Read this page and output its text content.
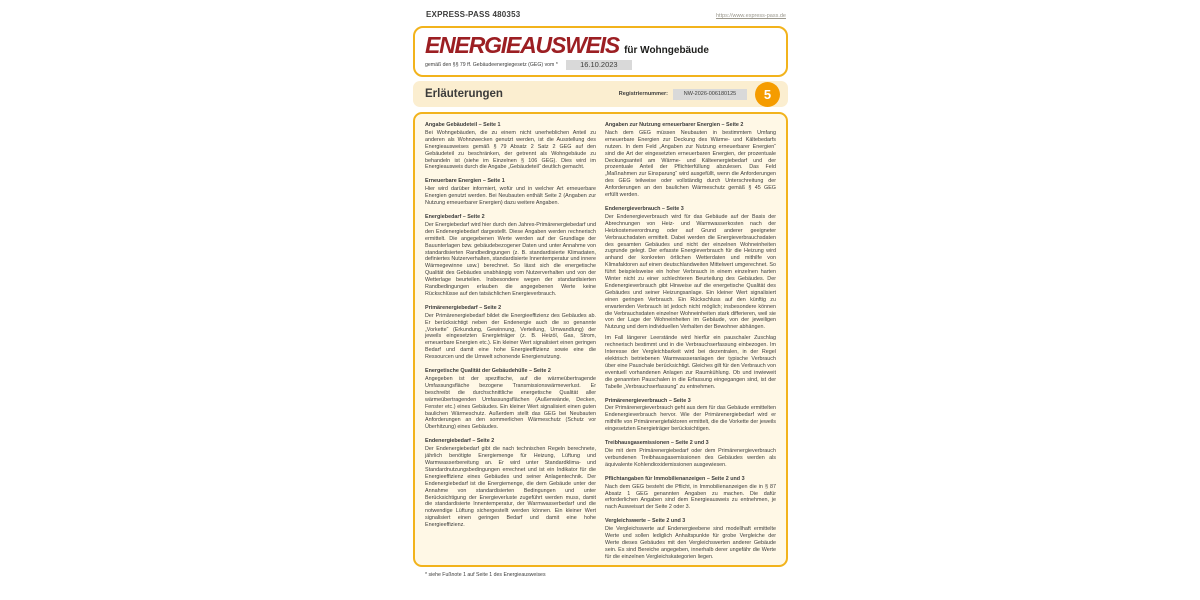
EXPRESS-PASS 480353	https://www.express-pass.de
ENERGIEAUSWEIS für Wohngebäude
gemäß den §§ 79 ff. Gebäudeenergiegesetz (GEG) vom *	16.10.2023
Erläuterungen	Registriernummer:	NW-2026-006180125	5
Angabe Gebäudeteil – Seite 1

Bei Wohngebäuden, die zu einem nicht unerheblichen Anteil zu anderen als Wohnzwecken genutzt werden, ist die Ausstellung des Energieausweises gemäß § 79 Absatz 2 Satz 2 GEG auf den Gebäudeteil zu beschränken, der getrennt als Wohngebäude zu behandeln ist (siehe im Einzelnen § 106 GEG). Dies wird im Energieausweis durch die Angabe „Gebäudeteil“ deutlich gemacht.

Erneuerbare Energien – Seite 1

Hier wird darüber informiert, wofür und in welcher Art erneuerbare Energien genutzt werden. Bei Neubauten enthält Seite 2 (Angaben zur Nutzung erneuerbarer Energien) dazu weitere Angaben.

Energiebedarf – Seite 2

Der Energiebedarf wird hier durch den Jahres-Primärenergiebedarf und den Endenergiebedarf dargestellt. Diese Angaben werden rechnerisch ermittelt. Die angegebenen Werte werden auf der Grundlage der Bauunterlagen bzw. gebäudebezogener Daten und unter Annahme von standardisierten Randbedingungen (z. B. standardisierte Klimadaten, definiertes Nutzerverhalten, standardisierte Innentemperatur und innere Wärmegewinne usw.) berechnet. So lässt sich die energetische Qualität des Gebäudes unabhängig vom Nutzerverhalten und von der Wetterlage beurteilen. Insbesondere wegen der standardisierten Randbedingungen erlauben die angegebenen Werte keine Rückschlüsse auf den tatsächlichen Energieverbrauch.

Primärenergiebedarf – Seite 2

Der Primärenergiebedarf bildet die Energieeffizienz des Gebäudes ab. Er berücksichtigt neben der Endenergie auch die so genannte „Vorkette“ (Erkundung, Gewinnung, Verteilung, Umwandlung) der jeweils eingesetzten Energieträger (z. B. Heizöl, Gas, Strom, erneuerbare Energien etc.). Ein kleiner Wert signalisiert einen geringen Bedarf und damit eine hohe Energieeffizienz sowie eine die Ressourcen und die Umwelt schonende Energienutzung.

Energetische Qualität der Gebäudehülle – Seite 2

Angegeben ist der spezifische, auf die wärmeübertragende Umfassungsfläche bezogene Transmissionswärmeverlust. Er beschreibt die durchschnittliche energetische Qualität aller wärmeübertragenden Umfassungsflächen (Außenwände, Decken, Fenster etc.) eines Gebäudes. Ein kleiner Wert signalisiert einen guten baulichen Wärmeschutz. Außerdem stellt das GEG bei Neubauten Anforderungen an den sommerlichen Wärmeschutz (Schutz vor Überhitzung) eines Gebäudes.

Endenergiebedarf – Seite 2

Der Endenergiebedarf gibt die nach technischen Regeln berechnete, jährlich benötigte Energiemenge für Heizung, Lüftung und Warmwasserbereitung an. Er wird unter Standardklima- und Standardnutzungsbedingungen errechnet und ist ein Indikator für die Energieeffizienz eines Gebäudes und seiner Anlagentechnik. Der Endenergiebedarf ist die Energiemenge, die dem Gebäude unter der Annahme von standardisierten Bedingungen und unter Berücksichtigung der Energieverluste zugeführt werden muss, damit die standardisierte Innentemperatur, der Warmwasserbedarf und die notwendige Lüftung sichergestellt werden können. Ein kleiner Wert signalisiert einen geringen Bedarf und damit eine hohe Energieeffizienz.

Angaben zur Nutzung erneuerbarer Energien – Seite 2

Nach dem GEG müssen Neubauten in bestimmtem Umfang erneuerbare Energien zur Deckung des Wärme- und Kältebedarfs nutzen. In dem Feld „Angaben zur Nutzung erneuerbarer Energien“ sind die Art der eingesetzten erneuerbaren Energien, der prozentuale Deckungsanteil am Wärme- und Kälteenergiebedarf und der prozentuale Anteil der Pflichterfüllung abzulesen. Das Feld „Maßnahmen zur Einsparung“ wird ausgefüllt, wenn die Anforderungen des GEG teilweise oder vollständig durch Unterschreitung der Anforderungen an den baulichen Wärmeschutz gemäß § 45 GEG erfüllt werden.

Endenergieverbrauch – Seite 3

Der Endenergieverbrauch wird für das Gebäude auf der Basis der Abrechnungen von Heiz- und Warmwasserkosten nach der Heizkostenverordnung oder auf Grund anderer geeigneter Verbrauchsdaten ermittelt. Dabei werden die Energieverbrauchsdaten des gesamten Gebäudes und nicht der einzelnen Wohneinheiten zugrunde gelegt. Der erfasste Energieverbrauch für die Heizung wird anhand der konkreten örtlichen Wetterdaten und mithilfe von Klimafaktoren auf einen deutschlandweiten Mittelwert umgerechnet. So führt beispielsweise ein hoher Verbrauch in einem einzelnen harten Winter nicht zu einer schlechteren Beurteilung des Gebäudes. Der Endenergieverbrauch gibt Hinweise auf die energetische Qualität des Gebäudes und seiner Heizungsanlage. Ein kleiner Wert signalisiert einen geringen Verbrauch. Ein Rückschluss auf den künftig zu erwartenden Verbrauch ist jedoch nicht möglich; insbesondere können die Verbrauchsdaten einzelner Wohneinheiten stark differieren, weil sie von der Lage der Wohneinheiten im Gebäude, von der jeweiligen Nutzung und dem individuellen Verhalten der Bewohner abhängen.

Im Fall längerer Leerstände wird hierfür ein pauschaler Zuschlag rechnerisch bestimmt und in die Verbrauchserfassung einbezogen. Im Interesse der Vergleichbarkeit wird bei dezentralen, in der Regel elektrisch betriebenen Warmwasseranlagen der typische Verbrauch über eine Pauschale berücksichtigt. Gleiches gilt für den Verbrauch von eventuell vorhandenen Anlagen zur Raumkühlung. Ob und inwieweit die genannten Pauschalen in die Erfassung eingegangen sind, ist der Tabelle „Verbrauchserfassung“ zu entnehmen.

Primärenergieverbrauch – Seite 3

Der Primärenergieverbrauch geht aus dem für das Gebäude ermittelten Endenergieverbrauch hervor. Wie der Primärenergiebedarf wird er mithilfe von Primärenergiefaktoren ermittelt, die die Vorkette der jeweils eingesetzten Energieträger berücksichtigen.

Treibhausgasemissionen – Seite 2 und 3

Die mit dem Primärenergiebedarf oder dem Primärenergieverbrauch verbundenen Treibhausgasemissionen des Gebäudes werden als äquivalente Kohlendioxidemissionen ausgewiesen.

Pflichtangaben für Immobilienanzeigen – Seite 2 und 3

Nach dem GEG besteht die Pflicht, in Immobilienanzeigen die in § 87 Absatz 1 GEG genannten Angaben zu machen. Die dafür erforderlichen Angaben sind dem Energieausweis zu entnehmen, je nach Ausweisart der Seite 2 oder 3.

Vergleichswerte – Seite 2 und 3

Die Vergleichswerte auf Endenergieebene sind modellhaft ermittelte Werte und sollen lediglich Anhaltspunkte für grobe Vergleiche der Werte dieses Gebäudes mit den Vergleichswerten anderer Gebäude sein. Es sind Bereiche angegeben, innerhalb derer ungefähr die Werte für die einzelnen Vergleichskategorien liegen.

* siehe Fußnote 1 auf Seite 1 des Energieausweises
